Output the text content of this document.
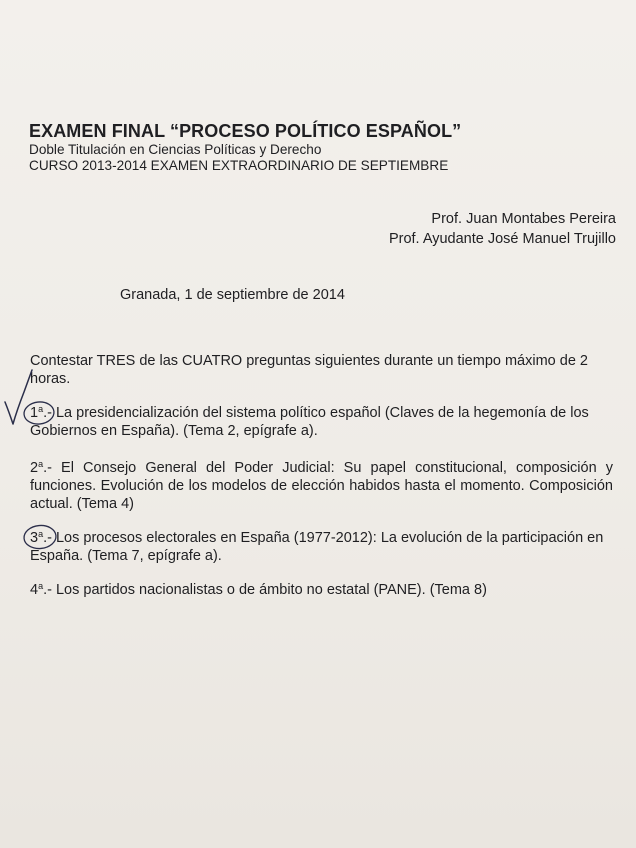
EXAMEN FINAL “PROCESO POLÍTICO ESPAÑOL”
Doble Titulación en Ciencias Políticas y Derecho
CURSO 2013-2014 EXAMEN EXTRAORDINARIO DE SEPTIEMBRE
Prof. Juan Montabes Pereira
Prof. Ayudante José Manuel Trujillo
Granada, 1 de septiembre de 2014
Contestar TRES de las CUATRO preguntas siguientes durante un tiempo máximo de 2 horas.
1$^a$.- La presidencialización del sistema político español (Claves de la hegemonía de los Gobiernos en España). (Tema 2, epígrafe a).
2$^a$.- El Consejo General del Poder Judicial: Su papel constitucional, composición y funciones. Evolución de los modelos de elección habidos hasta el momento. Composición actual. (Tema 4)
3$^a$.- Los procesos electorales en España (1977-2012): La evolución de la participación en España. (Tema 7, epígrafe a).
4$^a$.- Los partidos nacionalistas o de ámbito no estatal (PANE). (Tema 8)
